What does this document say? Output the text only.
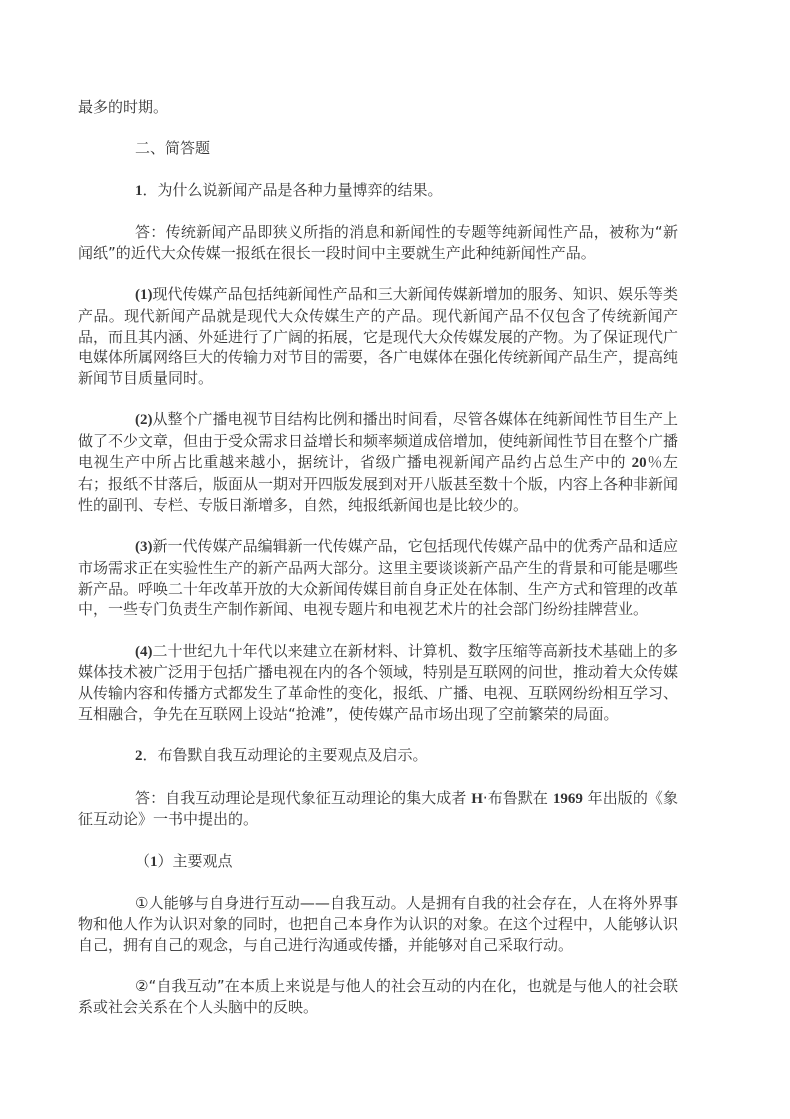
最多的时期。

二、简答题

1．为什么说新闻产品是各种力量博弈的结果。

答：传统新闻产品即狭义所指的消息和新闻性的专题等纯新闻性产品，被称为“新闻纸”的近代大众传媒一报纸在很长一段时间中主要就生产此种纯新闻性产品。

(1)现代传媒产品包括纯新闻性产品和三大新闻传媒新增加的服务、知识、娱乐等类产品。现代新闻产品就是现代大众传媒生产的产品。现代新闻产品不仅包含了传统新闻产品，而且其内涵、外延进行了广阔的拓展，它是现代大众传媒发展的产物。为了保证现代广电媒体所属网络巨大的传输力对节目的需要，各广电媒体在强化传统新闻产品生产，提高纯新闻节目质量同时。

(2)从整个广播电视节目结构比例和播出时间看，尽管各媒体在纯新闻性节目生产上做了不少文章，但由于受众需求日益增长和频率频道成倍增加，使纯新闻性节目在整个广播电视生产中所占比重越来越小，据统计，省级广播电视新闻产品约占总生产中的 20％左右；报纸不甘落后，版面从一期对开四版发展到对开八版甚至数十个版，内容上各种非新闻性的副刊、专栏、专版日渐增多，自然，纯报纸新闻也是比较少的。

(3)新一代传媒产品编辑新一代传媒产品，它包括现代传媒产品中的优秀产品和适应市场需求正在实验性生产的新产品两大部分。这里主要谈谈新产品产生的背景和可能是哪些新产品。呼唤二十年改革开放的大众新闻传媒目前自身正处在体制、生产方式和管理的改革中，一些专门负责生产制作新闻、电视专题片和电视艺术片的社会部门纷纷挂牌营业。

(4)二十世纪九十年代以来建立在新材料、计算机、数字压缩等高新技术基础上的多媒体技术被广泛用于包括广播电视在内的各个领域，特别是互联网的问世，推动着大众传媒从传输内容和传播方式都发生了革命性的变化，报纸、广播、电视、互联网纷纷相互学习、互相融合，争先在互联网上设站“抢滩”，使传媒产品市场出现了空前繁荣的局面。

2．布鲁默自我互动理论的主要观点及启示。

答：自我互动理论是现代象征互动理论的集大成者 H·布鲁默在 1969 年出版的《象征互动论》一书中提出的。

（1）主要观点

①人能够与自身进行互动——自我互动。人是拥有自我的社会存在，人在将外界事物和他人作为认识对象的同时，也把自己本身作为认识的对象。在这个过程中，人能够认识自己，拥有自己的观念，与自己进行沟通或传播，并能够对自己采取行动。

②“自我互动”在本质上来说是与他人的社会互动的内在化，也就是与他人的社会联系或社会关系在个人头脑中的反映。
